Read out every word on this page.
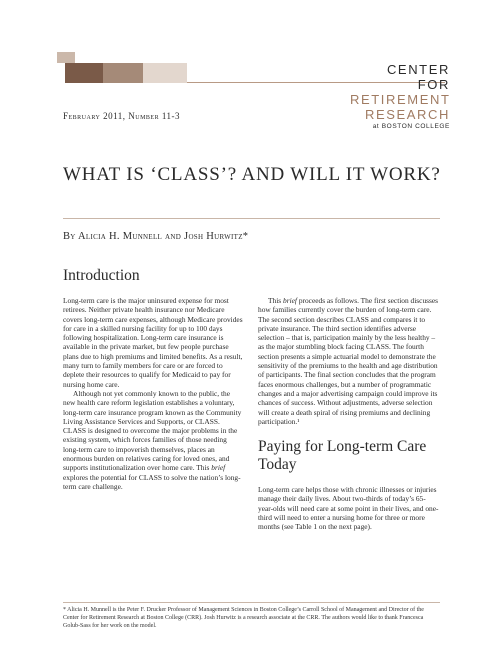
CENTER FOR
RETIREMENT
RESEARCH
at BOSTON COLLEGE
February 2011, Number 11-3
WHAT IS ‘CLASS’? AND WILL IT WORK?
By Alicia H. Munnell and Josh Hurwitz*
Introduction

Long-term care is the major uninsured expense for most retirees. Neither private health insurance nor Medicare covers long-term care expenses, although Medicare provides for care in a skilled nursing facility for up to 100 days following hospitalization. Long-term care insurance is available in the private market, but few people purchase plans due to high premiums and limited benefits. As a result, many turn to family members for care or are forced to deplete their resources to qualify for Medicaid to pay for nursing home care.

Although not yet commonly known to the public, the new health care reform legislation establishes a voluntary, long-term care insurance program known as the Community Living Assistance Services and Supports, or CLASS. CLASS is designed to overcome the major problems in the existing system, which forces families of those needing long-term care to impoverish themselves, places an enormous burden on relatives caring for loved ones, and supports institutionalization over home care. This brief explores the potential for CLASS to solve the nation’s long-term care challenge.

This brief proceeds as follows. The first section discusses how families currently cover the burden of long-term care. The second section describes CLASS and compares it to private insurance. The third section identifies adverse selection – that is, participation mainly by the less healthy – as the major stumbling block facing CLASS. The fourth section presents a simple actuarial model to demonstrate the sensitivity of the premiums to the health and age distribution of participants. The final section concludes that the program faces enormous challenges, but a number of programmatic changes and a major advertising campaign could improve its chances of success. Without adjustments, adverse selection will create a death spiral of rising premiums and declining participation.¹

Paying for Long-term Care Today

Long-term care helps those with chronic illnesses or injuries manage their daily lives. About two-thirds of today’s 65-year-olds will need care at some point in their lives, and one-third will need to enter a nursing home for three or more months (see Table 1 on the next page).

* Alicia H. Munnell is the Peter F. Drucker Professor of Management Sciences in Boston College’s Carroll School of Management and Director of the Center for Retirement Research at Boston College (CRR). Josh Hurwitz is a research associate at the CRR. The authors would like to thank Francesca Golub-Sass for her work on the model.
